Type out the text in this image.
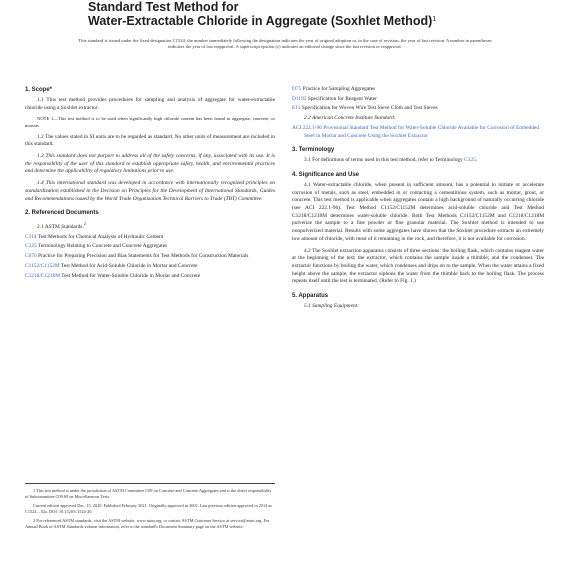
Standard Test Method for
Water-Extractable Chloride in Aggregate (Soxhlet Method)$^1$
This standard is issued under the fixed designation C1524; the number immediately following the designation indicates the year of original adoption or, in the case of revision, the year of last revision. A number in parentheses indicates the year of last reapproval. A superscript epsilon (ε) indicates an editorial change since the last revision or reapproval.
1. Scope*
1.1 This test method provides procedures for sampling and analysis of aggregate for water-extractable chloride using a Soxhlet extractor.
NOTE 1—This test method is to be used when significantly high chloride content has been found in aggregate, concrete, or mortars.
1.2 The values stated in SI units are to be regarded as standard. No other units of measurement are included in this standard.
1.3 This standard does not purport to address all of the safety concerns, if any, associated with its use. It is the responsibility of the user of this standard to establish appropriate safety, health, and environmental practices and determine the applicability of regulatory limitations prior to use.
1.4 This international standard was developed in accordance with internationally recognized principles on standardization established in the Decision on Principles for the Development of International Standards, Guides and Recommendations issued by the World Trade Organization Technical Barriers to Trade (TBT) Committee.
2. Referenced Documents
2.1 ASTM Standards:$^2$
C114 Test Methods for Chemical Analysis of Hydraulic Cement
C125 Terminology Relating to Concrete and Concrete Aggregates
C670 Practice for Preparing Precision and Bias Statements for Test Methods for Construction Materials
C1152/C1152M Test Method for Acid-Soluble Chloride in Mortar and Concrete
C1218/C1218M Test Method for Water-Soluble Chloride in Mortar and Concrete
1 This test method is under the jurisdiction of ASTM Committee C09 on Concrete and Concrete Aggregates and is the direct responsibility of Subcommittee C09.69 on Miscellaneous Tests.
Current edition approved Dec. 15, 2020. Published February 2021. Originally approved in 2002. Last previous edition approved in 2014 as C1524 – 02a. DOI: 10.1520/C1524-20.
2 For referenced ASTM standards, visit the ASTM website, www.astm.org, or contact ASTM Customer Service at service@astm.org. For Annual Book of ASTM Standards volume information, refer to the standard's Document Summary page on the ASTM website.
D75 Practice for Sampling Aggregates
D1193 Specification for Reagent Water
E11 Specification for Woven Wire Test Sieve Cloth and Test Sieves
2.2 American Concrete Institute Standard:
ACI 222.1-96 Provisional Standard Test Method for Water-Soluble Chloride Available for Corrosion of Embedded Steel in Mortar and Concrete Using the Soxhlet Extractor
3. Terminology
3.1 For definitions of terms used in this test method, refer to Terminology C125.
4. Significance and Use
4.1 Water-extractable chloride, when present in sufficient amount, has a potential to initiate or accelerate corrosion of metals, such as steel, embedded in or contacting a cementitious system, such as mortar, grout, or concrete. This test method is applicable when aggregates contain a high background of naturally occurring chloride (see ACI 222.1-96). Test Method C1152/C1152M determines acid-soluble chloride and Test Method C1218/C1218M determines water-soluble chloride. Both Test Methods C1152/C1152M and C1218/C1218M pulverize the sample to a fine powder or fine granular material. The Soxhlet method is intended to use nonpulverized material. Results with some aggregates have shown that the Soxhlet procedure extracts an extremely low amount of chloride, with most of it remaining in the rock, and therefore, it is not available for corrosion.
4.2 The Soxhlet extraction apparatus consists of three sections: the boiling flask, which contains reagent water at the beginning of the test; the extractor, which contains the sample inside a thimble; and the condenser. The extractor functions by boiling the water, which condenses and drips on to the sample. When the water attains a fixed height above the sample, the extractor siphons the water from the thimble back to the boiling flask. The process repeats itself until the test is terminated. (Refer to Fig. 1.)
5. Apparatus
5.1 Sampling Equipment:
